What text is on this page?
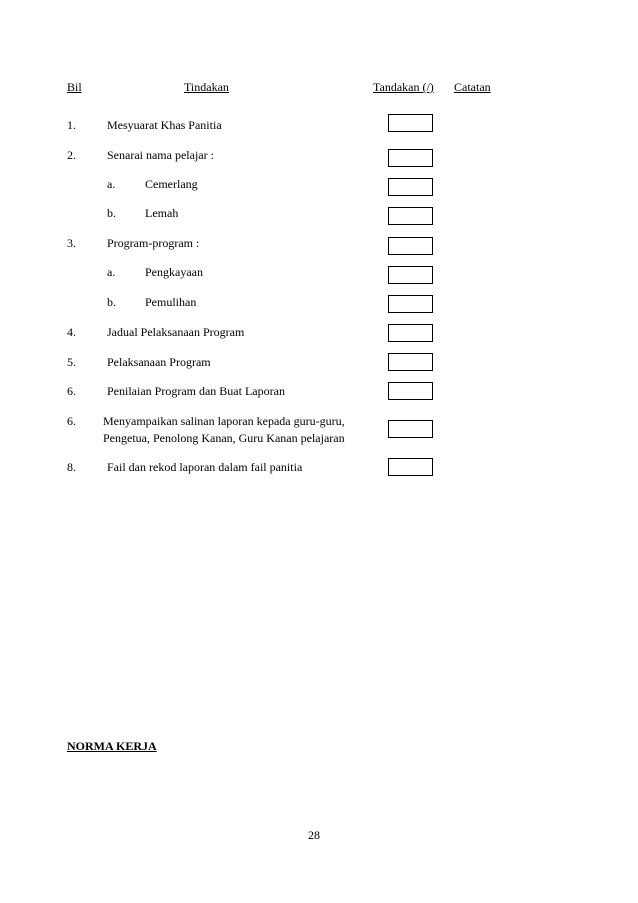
Bil	Tindakan	Tandakan (/) Catatan
1.	Mesyuarat Khas Panitia
2.	Senarai nama pelajar :
a. Cemerlang
b. Lemah
3.	Program-program :
a. Pengkayaan
b. Pemulihan
4.	Jadual Pelaksanaan Program
5.	Pelaksanaan Program
6.	Penilaian Program dan Buat Laporan
6. Menyampaikan salinan laporan kepada guru-guru,
Pengetua, Penolong Kanan, Guru Kanan pelajaran
8.	Fail dan rekod laporan dalam fail panitia
NORMA KERJA
28
